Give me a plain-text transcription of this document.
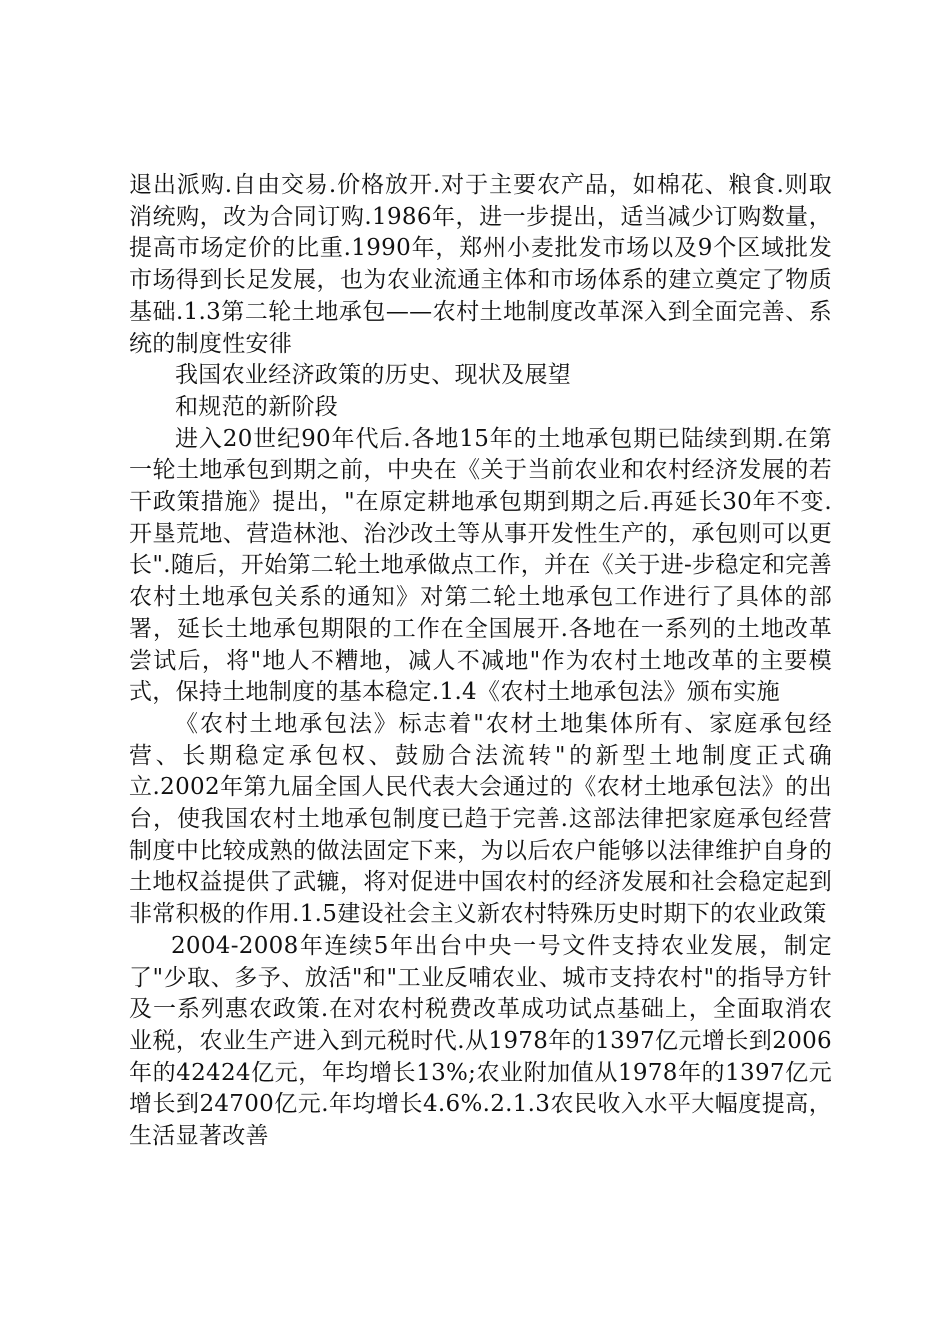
退出派购.自由交易.价格放开.对于主要农产品，如棉花、粮食.则取消统购，改为合同订购.1986年，进一步提出，适当减少订购数量，提高市场定价的比重.1990年，郑州小麦批发市场以及9个区域批发市场得到长足发展，也为农业流通主体和市场体系的建立奠定了物质基础.1.3第二轮土地承包——农村土地制度改革深入到全面完善、系统的制度性安徘

我国农业经济政策的历史、现状及展望

和规范的新阶段

进入20世纪90年代后.各地15年的土地承包期已陆续到期.在第一轮土地承包到期之前，中央在《关于当前农业和农村经济发展的若干政策措施》提出，"在原定耕地承包期到期之后.再延长30年不变.开垦荒地、营造林池、治沙改土等从事开发性生产的，承包则可以更长".随后，开始第二轮土地承做点工作，并在《关于进-步稳定和完善农村土地承包关系的通知》对第二轮土地承包工作进行了具体的部署，延长土地承包期限的工作在全国展开.各地在一系列的土地改革尝试后，将"地人不糟地，减人不减地"作为农村土地改革的主要模式，保持土地制度的基本稳定.1.4《农村土地承包法》颁布实施

《农村土地承包法》标志着"农材土地集体所有、家庭承包经营、长期稳定承包权、鼓励合法流转"的新型土地制度正式确立.2002年第九届全国人民代表大会通过的《农材土地承包法》的出台，使我国农村土地承包制度已趋于完善.这部法律把家庭承包经营制度中比较成熟的做法固定下来，为以后农户能够以法律维护自身的土地权益提供了武辘，将对促进中国农村的经济发展和社会稳定起到非常积极的作用.1.5建设社会主义新农村特殊历史时期下的农业政策

2004-2008年连续5年出台中央一号文件支持农业发展，制定了"少取、多予、放活"和"工业反哺农业、城市支持农村"的指导方针及一系列惠农政策.在对农村税费改革成功试点基础上，全面取消农业税，农业生产进入到元税时代.从1978年的1397亿元增长到2006年的42424亿元，年均增长13%;农业附加值从1978年的1397亿元增长到24700亿元.年均增长4.6%.2.1.3农民收入水平大幅度提高，生活显著改善
